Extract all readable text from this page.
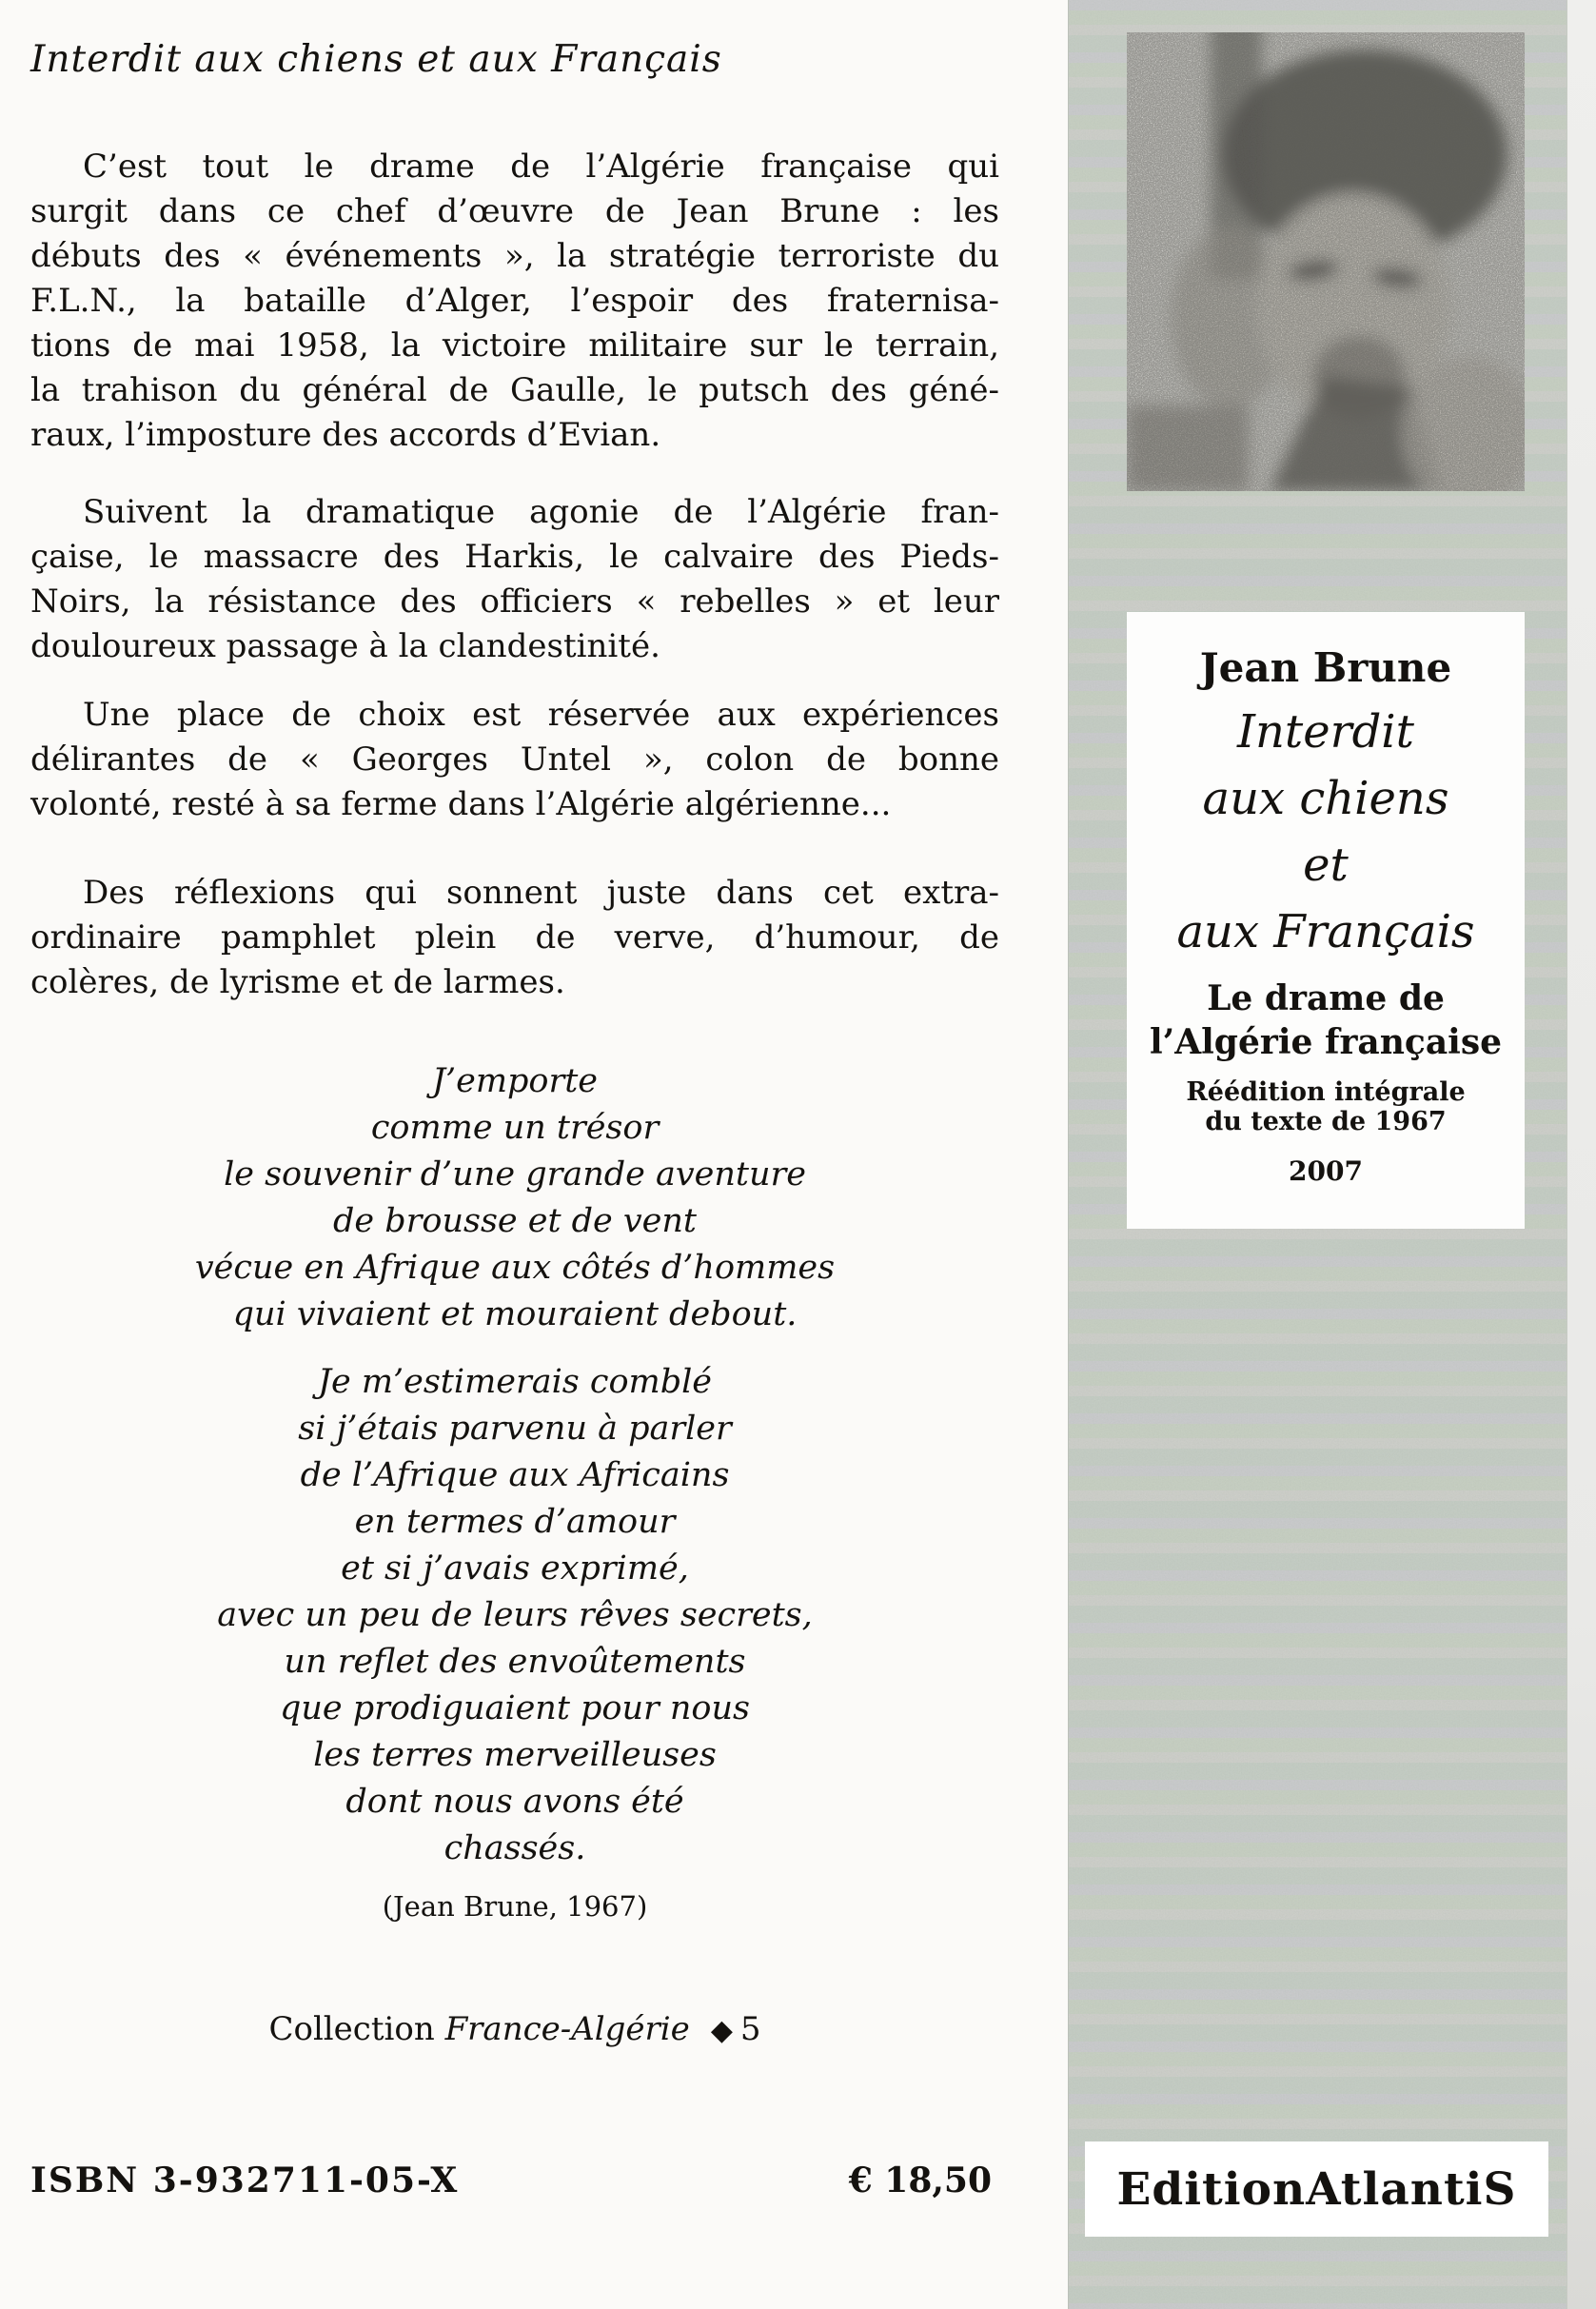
Interdit aux chiens et aux Français
C’est tout le drame de l’Algérie française qui
surgit dans ce chef d’œuvre de Jean Brune : les
débuts des « événements », la stratégie terroriste du
F.L.N., la bataille d’Alger, l’espoir des fraternisa-
tions de mai 1958, la victoire militaire sur le terrain,
la trahison du général de Gaulle, le putsch des géné-
raux, l’imposture des accords d’Evian.
Suivent la dramatique agonie de l’Algérie fran-
çaise, le massacre des Harkis, le calvaire des Pieds-
Noirs, la résistance des officiers « rebelles » et leur
douloureux passage à la clandestinité.
Une place de choix est réservée aux expériences
délirantes de « Georges Untel », colon de bonne
volonté, resté à sa ferme dans l’Algérie algérienne...
Des réflexions qui sonnent juste dans cet extra-
ordinaire pamphlet plein de verve, d’humour, de
colères, de lyrisme et de larmes.
J’emporte
comme un trésor
le souvenir d’une grande aventure
de brousse et de vent
vécue en Afrique aux côtés d’hommes
qui vivaient et mouraient debout.
Je m’estimerais comblé
si j’étais parvenu à parler
de l’Afrique aux Africains
en termes d’amour
et si j’avais exprimé,
avec un peu de leurs rêves secrets,
un reflet des envoûtements
que prodiguaient pour nous
les terres merveilleuses
dont nous avons été
chassés.
(Jean Brune, 1967)
Collection France-Algérie ◆ 5
ISBN 3-932711-05-X	€ 18,50
Jean Brune
Interdit
aux chiens
et
aux Français
Le drame de
l’Algérie française
Réédition intégrale
du texte de 1967
2007
EditionAtlantiS
